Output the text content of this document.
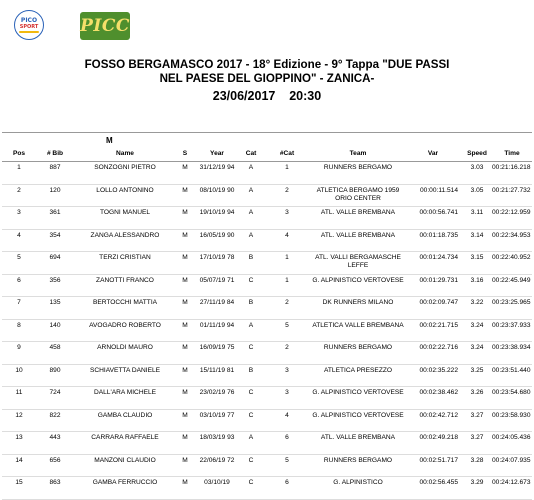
PICO
SPORT PICC
FOSSO BERGAMASCO 2017 - 18° Edizione - 9° Tappa "DUE PASSI
NEL PAESE DEL GIOPPINO" - ZANICA-
23/06/2017    20:30
M
Pos	# Bib	Name	S	Year	Cat	#Cat	Team	Var	Speed	Time
1	887	SONZOGNI PIETRO	M	31/12/19 94	A	1	RUNNERS BERGAMO		3.03	00:21:16.218
2	120	LOLLO ANTONINO	M	08/10/19 90	A	2	ATLETICA BERGAMO 1959 ORIO CENTER	00:00:11.514	3.05	00:21:27.732
3	361	TOGNI MANUEL	M	19/10/19 94	A	3	ATL. VALLE BREMBANA	00:00:56.741	3.11	00:22:12.959
4	354	ZANGA ALESSANDRO	M	16/05/19 90	A	4	ATL. VALLE BREMBANA	00:01:18.735	3.14	00:22:34.953
5	694	TERZI CRISTIAN	M	17/10/19 78	B	1	ATL. VALLI BERGAMASCHE LEFFE	00:01:24.734	3.15	00:22:40.952
6	356	ZANOTTI FRANCO	M	05/07/19 71	C	1	G. ALPINISTICO VERTOVESE	00:01:29.731	3.16	00:22:45.949
7	135	BERTOCCHI MATTIA	M	27/11/19 84	B	2	DK RUNNERS MILANO	00:02:09.747	3.22	00:23:25.965
8	140	AVOGADRO ROBERTO	M	01/11/19 94	A	5	ATLETICA VALLE BREMBANA	00:02:21.715	3.24	00:23:37.933
9	458	ARNOLDI MAURO	M	16/09/19 75	C	2	RUNNERS BERGAMO	00:02:22.716	3.24	00:23:38.934
10	890	SCHIAVETTA DANIELE	M	15/11/19 81	B	3	ATLETICA PRESEZZO	00:02:35.222	3.25	00:23:51.440
11	724	DALL'ARA MICHELE	M	23/02/19 76	C	3	G. ALPINISTICO VERTOVESE	00:02:38.462	3.26	00:23:54.680
12	822	GAMBA CLAUDIO	M	03/10/19 77	C	4	G. ALPINISTICO VERTOVESE	00:02:42.712	3.27	00:23:58.930
13	443	CARRARA RAFFAELE	M	18/03/19 93	A	6	ATL. VALLE BREMBANA	00:02:49.218	3.27	00:24:05.436
14	656	MANZONI CLAUDIO	M	22/06/19 72	C	5	RUNNERS BERGAMO	00:02:51.717	3.28	00:24:07.935
15	863	GAMBA FERRUCCIO	M	03/10/19	C	6	G. ALPINISTICO	00:02:56.455	3.29	00:24:12.673
